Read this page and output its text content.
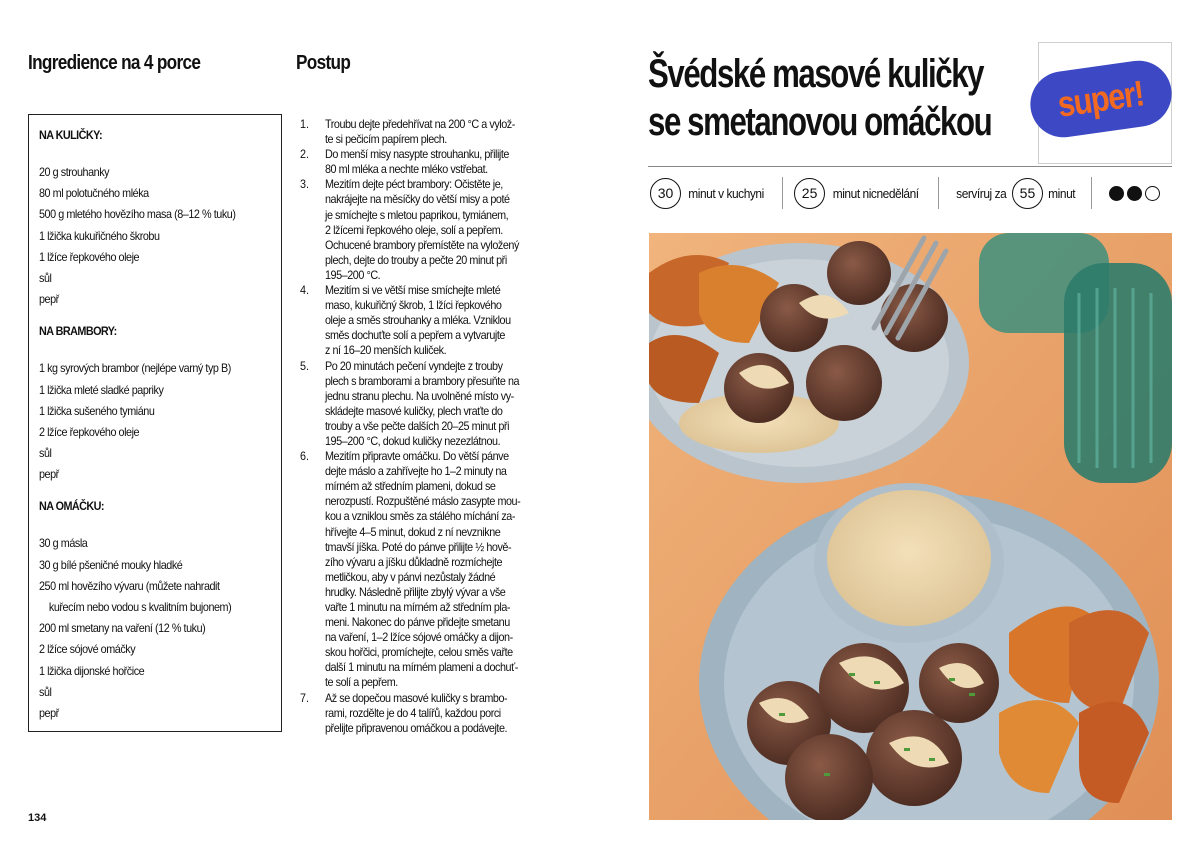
Ingredience na 4 porce
NA KULIČKY:
20 g strouhanky
80 ml polotučného mléka
500 g mletého hovězího masa (8–12 % tuku)
1 lžička kukuřičného škrobu
1 lžíce řepkového oleje
sůl
pepř
NA BRAMBORY:
1 kg syrových brambor (nejlépe varný typ B)
1 lžička mleté sladké papriky
1 lžička sušeného tymiánu
2 lžíce řepkového oleje
sůl
pepř
NA OMÁČKU:
30 g másla
30 g bílé pšeničné mouky hladké
250 ml hovězího vývaru (můžete nahradit
kuřecím nebo vodou s kvalitním bujonem)
200 ml smetany na vaření (12 % tuku)
2 lžíce sójové omáčky
1 lžička dijonské hořčice
sůl
pepř
Postup
1. Troubu dejte předehřívat na 200 °C a vylož-
te si pečicím papírem plech.
2. Do menší misy nasypte strouhanku, přilijte
80 ml mléka a nechte mléko vstřebat.
3. Mezitím dejte péct brambory: Očistěte je,
nakrájejte na měsíčky do větší misy a poté
je smíchejte s mletou paprikou, tymiánem,
2 lžícemi řepkového oleje, solí a pepřem.
Ochucené brambory přemístěte na vyložený
plech, dejte do trouby a pečte 20 minut při
195–200 °C.
4. Mezitím si ve větší mise smíchejte mleté
maso, kukuřičný škrob, 1 lžíci řepkového
oleje a směs strouhanky a mléka. Vzniklou
směs dochuťte solí a pepřem a vytvarujte
z ní 16–20 menších kuliček.
5. Po 20 minutách pečení vyndejte z trouby
plech s bramborami a brambory přesuňte na
jednu stranu plechu. Na uvolněné místo vy-
skládejte masové kuličky, plech vraťte do
trouby a vše pečte dalších 20–25 minut při
195–200 °C, dokud kuličky nezezlátnou.
6. Mezitím připravte omáčku. Do větší pánve
dejte máslo a zahřívejte ho 1–2 minuty na
mírném až středním plameni, dokud se
nerozpustí. Rozpuštěné máslo zasypte mou-
kou a vzniklou směs za stálého míchání za-
hřívejte 4–5 minut, dokud z ní nevznikne
tmavší jíška. Poté do pánve přilijte ½ hově-
zího vývaru a jíšku důkladně rozmíchejte
metličkou, aby v pánvi nezůstaly žádné
hrudky. Následně přilijte zbylý vývar a vše
vařte 1 minutu na mírném až středním pla-
meni. Nakonec do pánve přidejte smetanu
na vaření, 1–2 lžíce sójové omáčky a dijon-
skou hořčici, promíchejte, celou směs vařte
další 1 minutu na mírném plameni a dochuť-
te solí a pepřem.
7. Až se dopečou masové kuličky s brambo-
rami, rozdělte je do 4 talířů, každou porci
přelijte připravenou omáčkou a podávejte.
134
Švédské masové kuličky
se smetanovou omáčkou super!
30	minut v kuchyni	25	minut nicnedělání	servíruj za 55 minut
